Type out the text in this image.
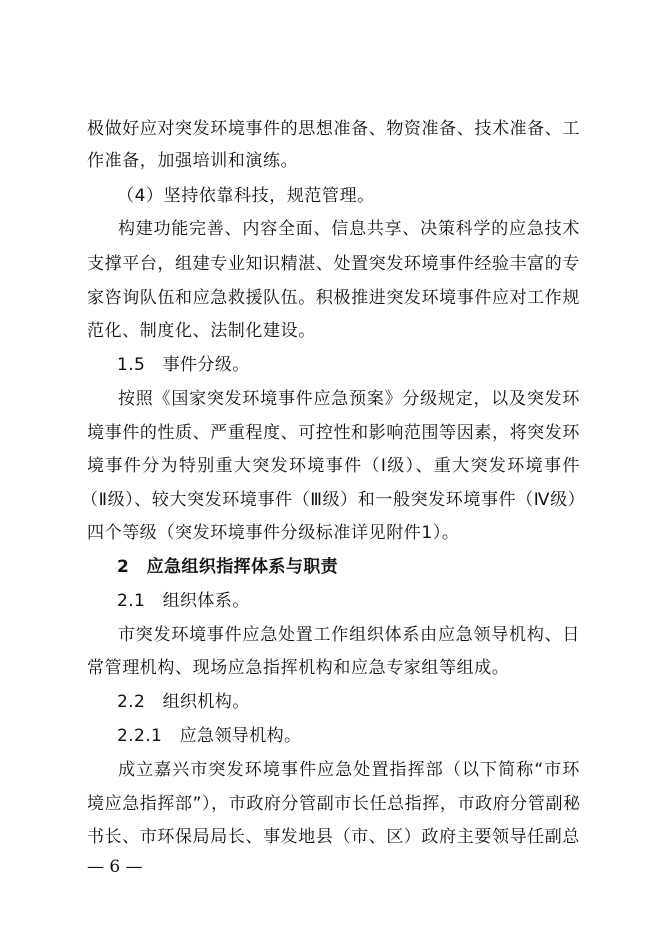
极做好应对突发环境事件的思想准备、物资准备、技术准备、工
作准备，加强培训和演练。
（4）坚持依靠科技，规范管理。
构建功能完善、内容全面、信息共享、决策科学的应急技术
支撑平台，组建专业知识精湛、处置突发环境事件经验丰富的专
家咨询队伍和应急救援队伍。积极推进突发环境事件应对工作规
范化、制度化、法制化建设。
1.5　事件分级。
按照《国家突发环境事件应急预案》分级规定，以及突发环
境事件的性质、严重程度、可控性和影响范围等因素，将突发环
境事件分为特别重大突发环境事件（Ⅰ级）、重大突发环境事件
（Ⅱ级）、较大突发环境事件（Ⅲ级）和一般突发环境事件（Ⅳ级）
四个等级（突发环境事件分级标准详见附件1）。
2　应急组织指挥体系与职责
2.1　组织体系。
市突发环境事件应急处置工作组织体系由应急领导机构、日
常管理机构、现场应急指挥机构和应急专家组等组成。
2.2　组织机构。
2.2.1　应急领导机构。
成立嘉兴市突发环境事件应急处置指挥部（以下简称“市环
境应急指挥部”），市政府分管副市长任总指挥，市政府分管副秘
书长、市环保局局长、事发地县（市、区）政府主要领导任副总
— 6 —
